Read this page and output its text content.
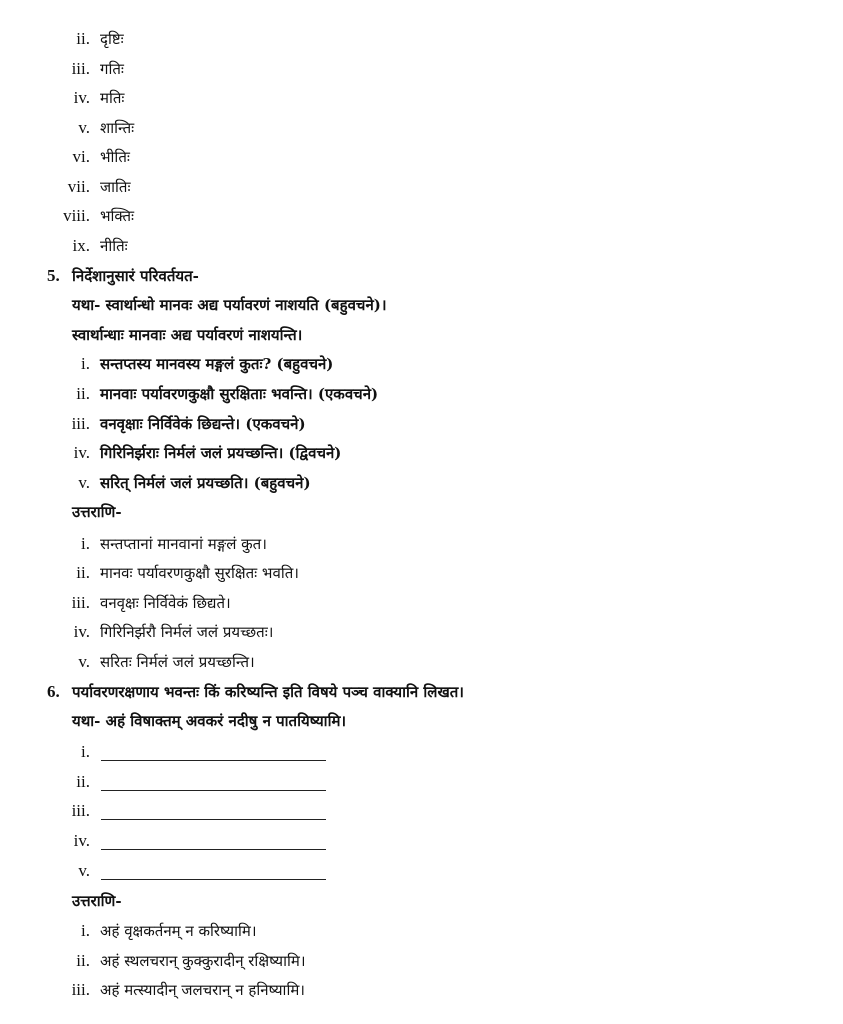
ii. दृष्टिः
iii. गतिः
iv. मतिः
v. शान्तिः
vi. भीतिः
vii. जातिः
viii. भक्तिः
ix. नीतिः
5. निर्देशानुसारं परिवर्तयत-
यथा- स्वार्थान्धो मानवः अद्य पर्यावरणं नाशयति (बहुवचने)।
स्वार्थान्धाः मानवाः अद्य पर्यावरणं नाशयन्ति।
i. सन्तप्तस्य मानवस्य मङ्गलं कुतः? (बहुवचने)
ii. मानवाः पर्यावरणकुक्षौ सुरक्षिताः भवन्ति। (एकवचने)
iii. वनवृक्षाः निर्विवेकं छिद्यन्ते। (एकवचने)
iv. गिरिनिर्झराः निर्मलं जलं प्रयच्छन्ति। (द्विवचने)
v. सरित् निर्मलं जलं प्रयच्छति। (बहुवचने)
उत्तराणि-
i. सन्तप्तानां मानवानां मङ्गलं कुत।
ii. मानवः पर्यावरणकुक्षौ सुरक्षितः भवति।
iii. वनवृक्षः निर्विवेकं छिद्यते।
iv. गिरिनिर्झरौ निर्मलं जलं प्रयच्छतः।
v. सरितः निर्मलं जलं प्रयच्छन्ति।
6. पर्यावरणरक्षणाय भवन्तः किं करिष्यन्ति इति विषये पञ्च वाक्यानि लिखत।
यथा- अहं विषाक्तम् अवकरं नदीषु न पातयिष्यामि।
i.
ii.
iii.
iv.
v.
उत्तराणि-
i. अहं वृक्षकर्तनम् न करिष्यामि।
ii. अहं स्थलचरान् कुक्कुरादीन् रक्षिष्यामि।
iii. अहं मत्स्यादीन् जलचरान् न हनिष्यामि।
